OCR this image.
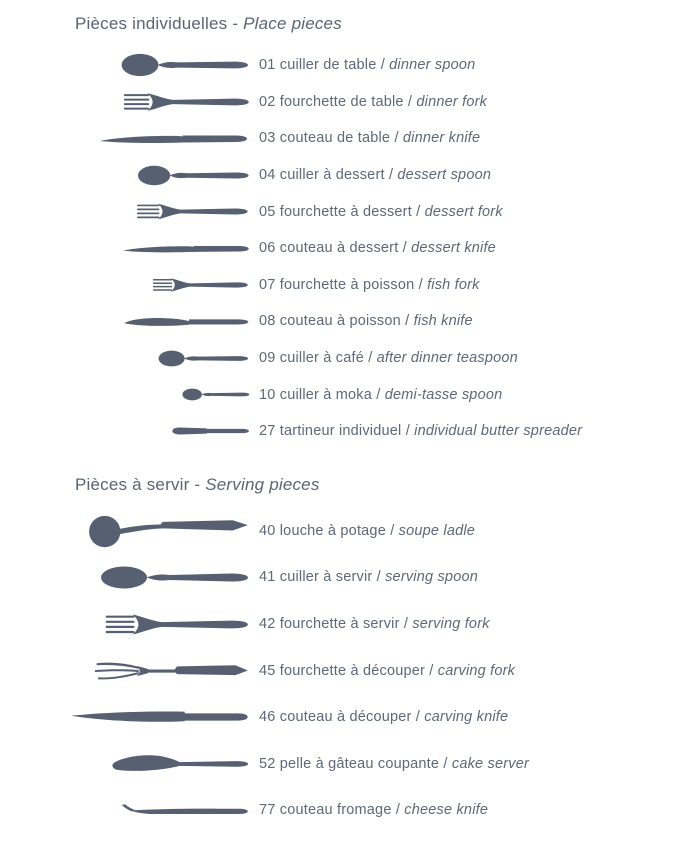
Pièces individuelles - Place pieces

01 cuiller de table / dinner spoon

02 fourchette de table / dinner fork

03 couteau de table / dinner knife

04 cuiller à dessert / dessert spoon

05 fourchette à dessert / dessert fork

06 couteau à dessert / dessert knife

07 fourchette à poisson / fish fork

08 couteau à poisson / fish knife

09 cuiller à café / after dinner teaspoon

10 cuiller à moka / demi-tasse spoon

27 tartineur individuel / individual butter spreader

Pièces à servir - Serving pieces

40 louche à potage / soupe ladle

41 cuiller à servir / serving spoon

42 fourchette à servir / serving fork

45 fourchette à découper / carving fork

46 couteau à découper / carving knife

52 pelle à gâteau coupante / cake server

77 couteau fromage / cheese knife
